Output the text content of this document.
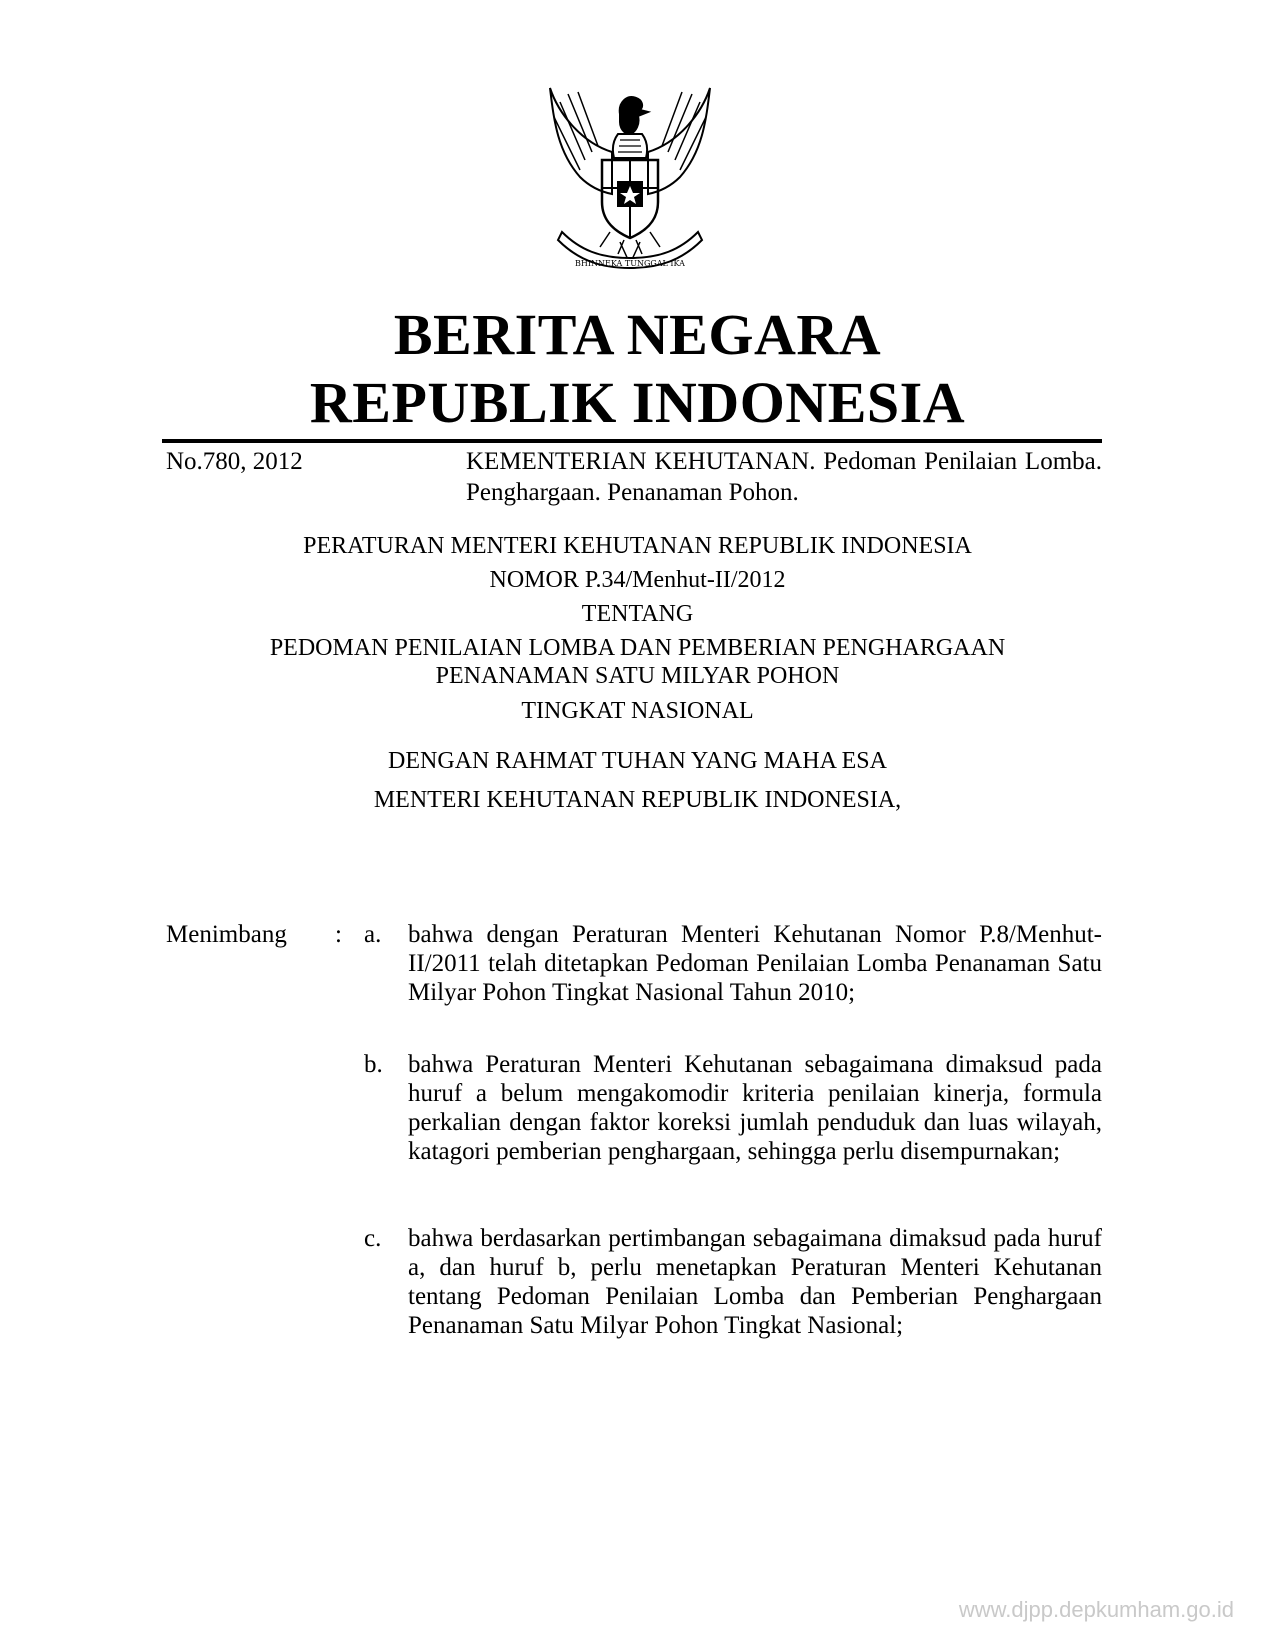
BHINNEKA TUNGGAL IKA
BERITA NEGARA
REPUBLIK INDONESIA
No.780, 2012	KEMENTERIAN KEHUTANAN. Pedoman Penilaian Lomba. Penghargaan. Penanaman Pohon.
PERATURAN MENTERI KEHUTANAN REPUBLIK INDONESIA
NOMOR P.34/Menhut-II/2012
TENTANG
PEDOMAN PENILAIAN LOMBA DAN PEMBERIAN PENGHARGAAN
PENANAMAN SATU MILYAR POHON
TINGKAT NASIONAL
DENGAN RAHMAT TUHAN YANG MAHA ESA
MENTERI KEHUTANAN REPUBLIK INDONESIA,
Menimbang : a. bahwa dengan Peraturan Menteri Kehutanan Nomor P.8/Menhut-II/2011 telah ditetapkan Pedoman Penilaian Lomba Penanaman Satu Milyar Pohon Tingkat Nasional Tahun 2010;

b. bahwa Peraturan Menteri Kehutanan sebagaimana dimaksud pada huruf a belum mengakomodir kriteria penilaian kinerja, formula perkalian dengan faktor koreksi jumlah penduduk dan luas wilayah, katagori pemberian penghargaan, sehingga perlu disempurnakan;

c. bahwa berdasarkan pertimbangan sebagaimana dimaksud pada huruf a, dan huruf b, perlu menetapkan Peraturan Menteri Kehutanan tentang Pedoman Penilaian Lomba dan Pemberian Penghargaan Penanaman Satu Milyar Pohon Tingkat Nasional;

www.djpp.depkumham.go.id
